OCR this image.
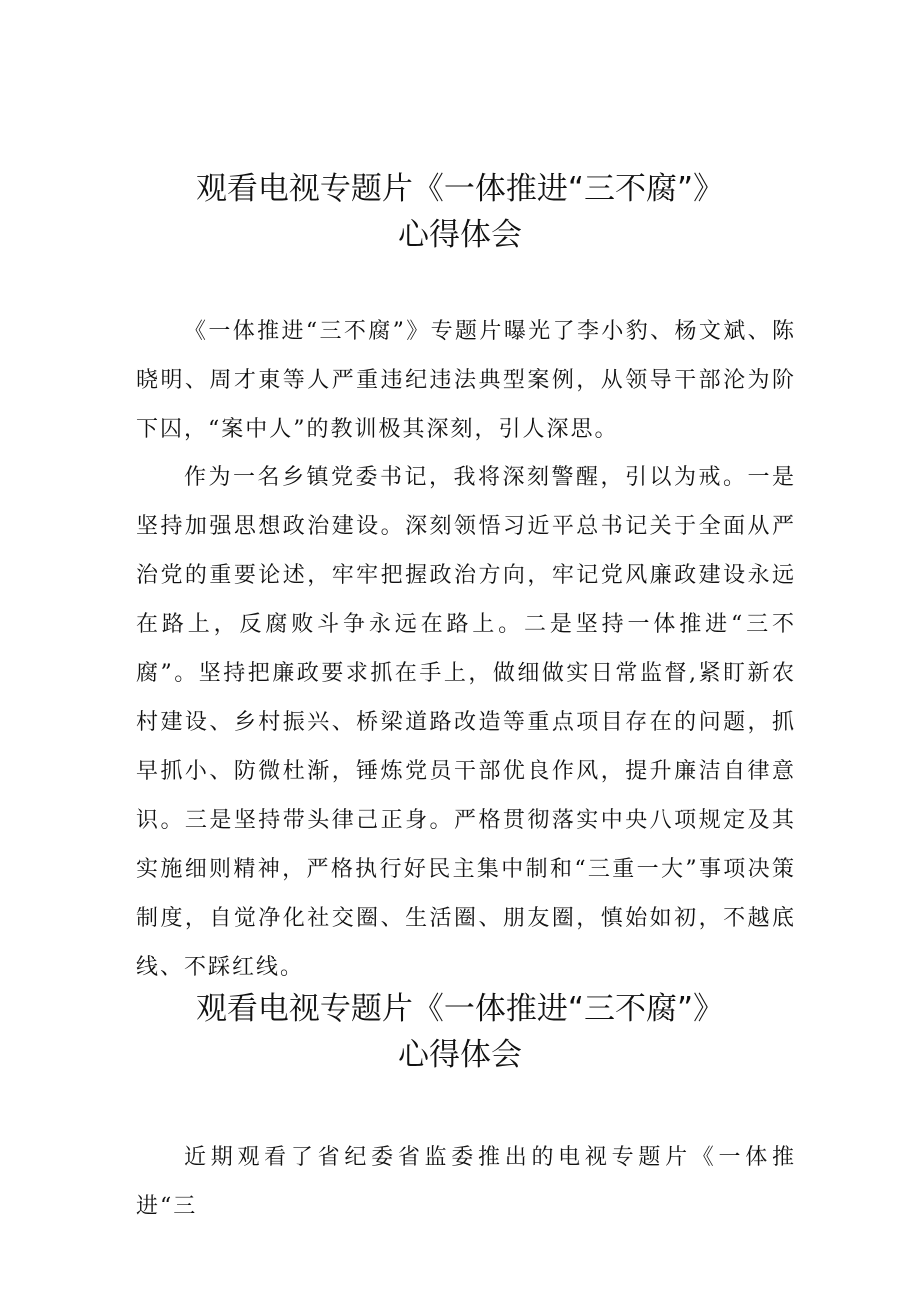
观看电视专题片《一体推进“三不腐”》
心得体会

《一体推进“三不腐”》专题片曝光了李小豹、杨文斌、陈晓明、周才東等人严重违纪违法典型案例，从领导干部沦为阶下囚，“案中人”的教训极其深刻，引人深思。

作为一名乡镇党委书记，我将深刻警醒，引以为戒。一是坚持加强思想政治建设。深刻领悟习近平总书记关于全面从严治党的重要论述，牢牢把握政治方向，牢记党风廉政建设永远在路上，反腐败斗争永远在路上。二是坚持一体推进“三不腐”。坚持把廉政要求抓在手上，做细做实日常监督,紧盯新农村建设、乡村振兴、桥梁道路改造等重点项目存在的问题，抓早抓小、防微杜渐，锤炼党员干部优良作风，提升廉洁自律意识。三是坚持带头律己正身。严格贯彻落实中央八项规定及其实施细则精神，严格执行好民主集中制和“三重一大”事项决策制度，自觉净化社交圈、生活圈、朋友圈，慎始如初，不越底线、不踩红线。

观看电视专题片《一体推进“三不腐”》
心得体会

近期观看了省纪委省监委推出的电视专题片《一体推进“三
